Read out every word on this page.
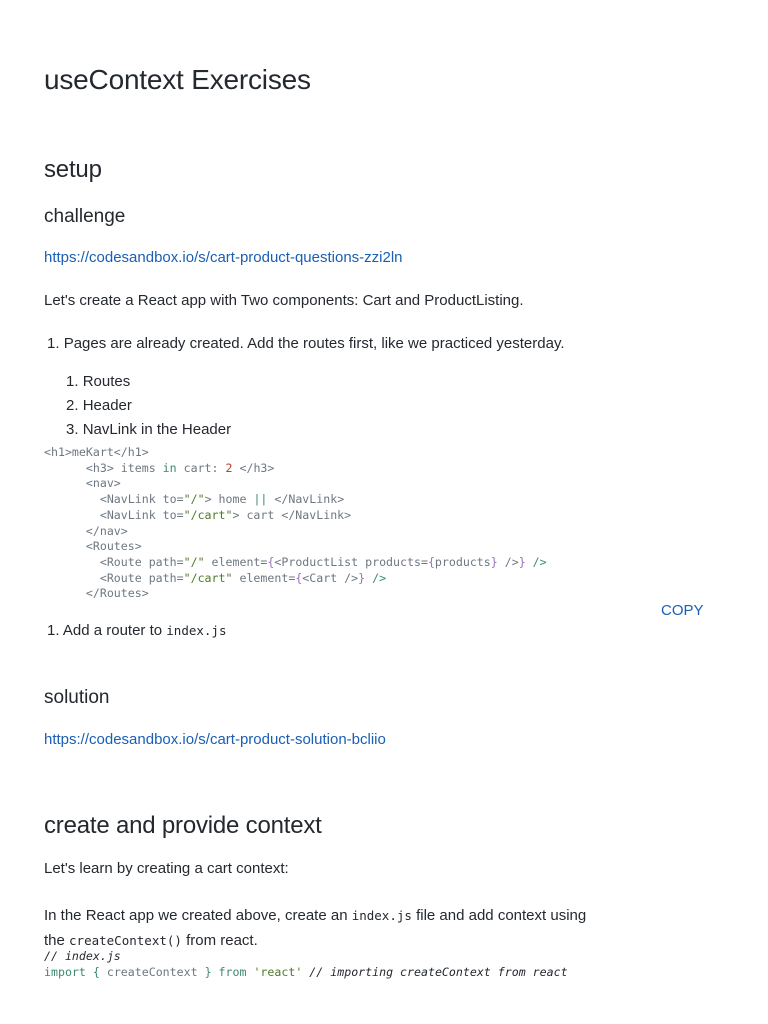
useContext Exercises
setup
challenge
https://codesandbox.io/s/cart-product-questions-zzi2ln

Let's create a React app with Two components: Cart and ProductListing.

1. Pages are already created. Add the routes first, like we practiced yesterday.
1. Routes
2. Header
3. NavLink in the Header
<h1>meKart</h1>
<h3> items in cart: 2 </h3>
<nav>
<NavLink to="/"> home || </NavLink>
<NavLink to="/cart"> cart </NavLink>
</nav>
<Routes>
<Route path="/" element={<ProductList products={products} />} />
<Route path="/cart" element={<Cart />} />
</Routes>
COPY
1. Add a router to index.js
solution
https://codesandbox.io/s/cart-product-solution-bcliio
create and provide context

Let's learn by creating a cart context:

In the React app we created above, create an index.js file and add context using
the createContext() from react.

// index.js
import { createContext } from 'react' // importing createContext from react
